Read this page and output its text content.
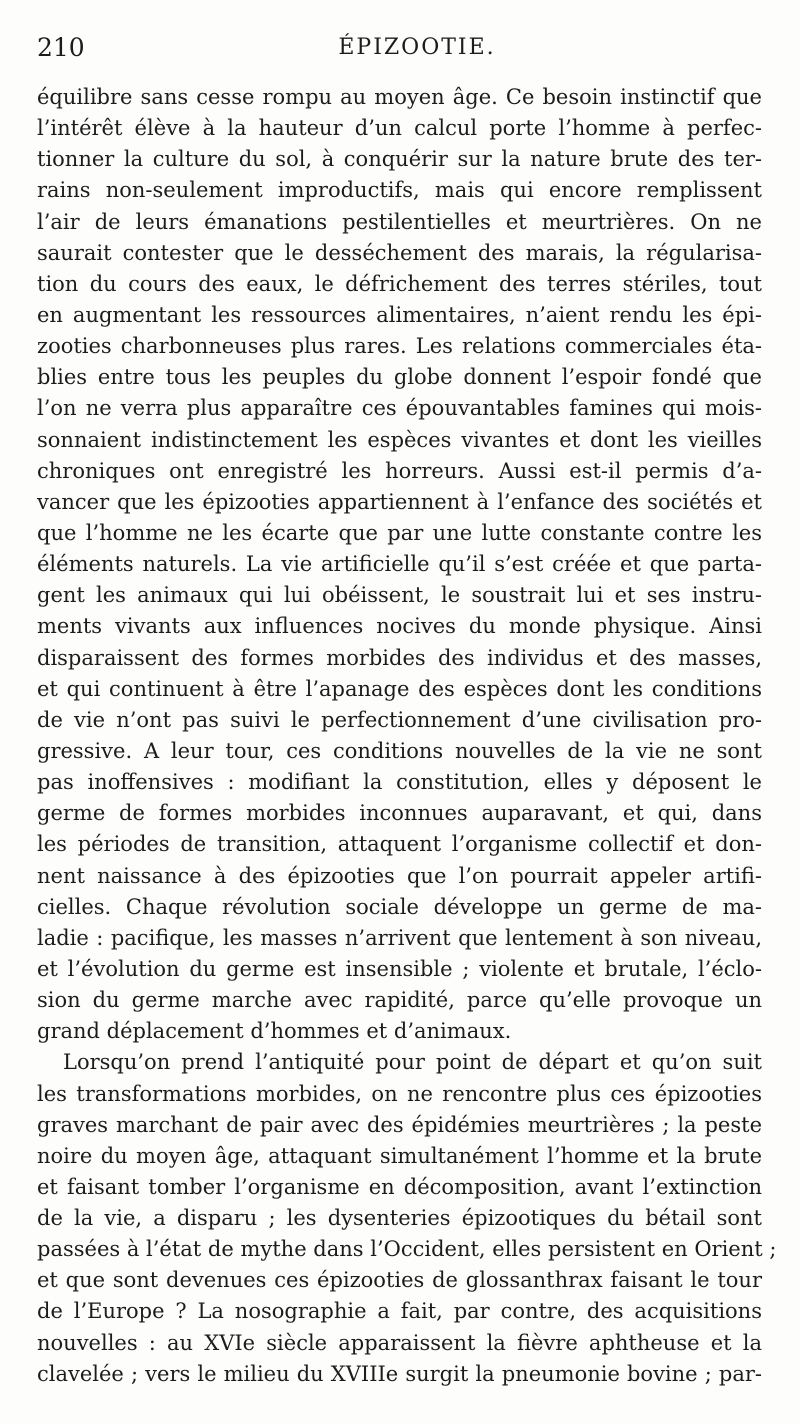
210	ÉPIZOOTIE.
équilibre sans cesse rompu au moyen âge. Ce besoin instinctif que
l’intérêt élève à la hauteur d’un calcul porte l’homme à perfec-
tionner la culture du sol, à conquérir sur la nature brute des ter-
rains non-seulement improductifs, mais qui encore remplissent
l’air de leurs émanations pestilentielles et meurtrières. On ne
saurait contester que le desséchement des marais, la régularisa-
tion du cours des eaux, le défrichement des terres stériles, tout
en augmentant les ressources alimentaires, n’aient rendu les épi-
zooties charbonneuses plus rares. Les relations commerciales éta-
blies entre tous les peuples du globe donnent l’espoir fondé que
l’on ne verra plus apparaître ces épouvantables famines qui mois-
sonnaient indistinctement les espèces vivantes et dont les vieilles
chroniques ont enregistré les horreurs. Aussi est-il permis d’a-
vancer que les épizooties appartiennent à l’enfance des sociétés et
que l’homme ne les écarte que par une lutte constante contre les
éléments naturels. La vie artificielle qu’il s’est créée et que parta-
gent les animaux qui lui obéissent, le soustrait lui et ses instru-
ments vivants aux influences nocives du monde physique. Ainsi
disparaissent des formes morbides des individus et des masses,
et qui continuent à être l’apanage des espèces dont les conditions
de vie n’ont pas suivi le perfectionnement d’une civilisation pro-
gressive. A leur tour, ces conditions nouvelles de la vie ne sont
pas inoffensives : modifiant la constitution, elles y déposent le
germe de formes morbides inconnues auparavant, et qui, dans
les périodes de transition, attaquent l’organisme collectif et don-
nent naissance à des épizooties que l’on pourrait appeler artifi-
cielles. Chaque révolution sociale développe un germe de ma-
ladie : pacifique, les masses n’arrivent que lentement à son niveau,
et l’évolution du germe est insensible ; violente et brutale, l’éclo-
sion du germe marche avec rapidité, parce qu’elle provoque un
grand déplacement d’hommes et d’animaux.
Lorsqu’on prend l’antiquité pour point de départ et qu’on suit
les transformations morbides, on ne rencontre plus ces épizooties
graves marchant de pair avec des épidémies meurtrières ; la peste
noire du moyen âge, attaquant simultanément l’homme et la brute
et faisant tomber l’organisme en décomposition, avant l’extinction
de la vie, a disparu ; les dysenteries épizootiques du bétail sont
passées à l’état de mythe dans l’Occident, elles persistent en Orient ;
et que sont devenues ces épizooties de glossanthrax faisant le tour
de l’Europe ? La nosographie a fait, par contre, des acquisitions
nouvelles : au XVIe siècle apparaissent la fièvre aphtheuse et la
clavelée ; vers le milieu du XVIIIe surgit la pneumonie bovine ; par-
